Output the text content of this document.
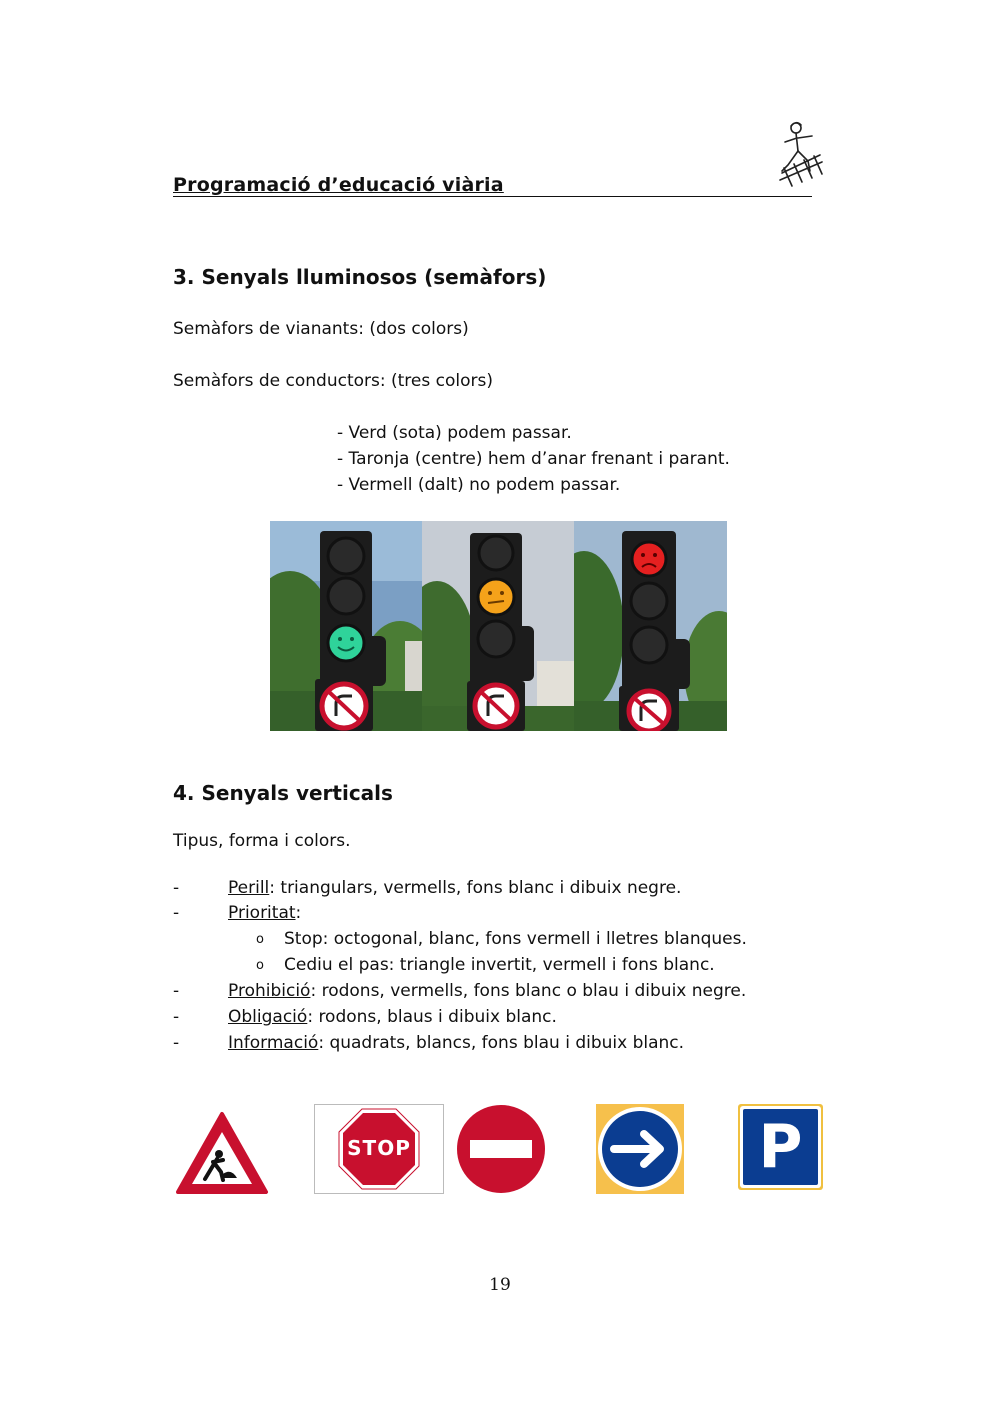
Programació d’educació viària
3. Senyals lluminosos (semàfors)
Semàfors de vianants: (dos colors)
Semàfors de conductors: (tres colors)
- Verd (sota) podem passar.
- Taronja (centre) hem d’anar frenant i parant.
- Vermell (dalt) no podem passar.
4. Senyals verticals
Tipus, forma i colors.
-	Perill: triangulars, vermells, fons blanc i dibuix negre.
-	Prioritat:
o Stop: octogonal, blanc, fons vermell i lletres blanques.
o Cediu el pas: triangle invertit, vermell i fons blanc.
-	Prohibició: rodons, vermells, fons blanc o blau i dibuix negre.
-	Obligació: rodons, blaus i dibuix blanc.
-	Informació: quadrats, blancs, fons blau i dibuix blanc.
STOP	P
19
